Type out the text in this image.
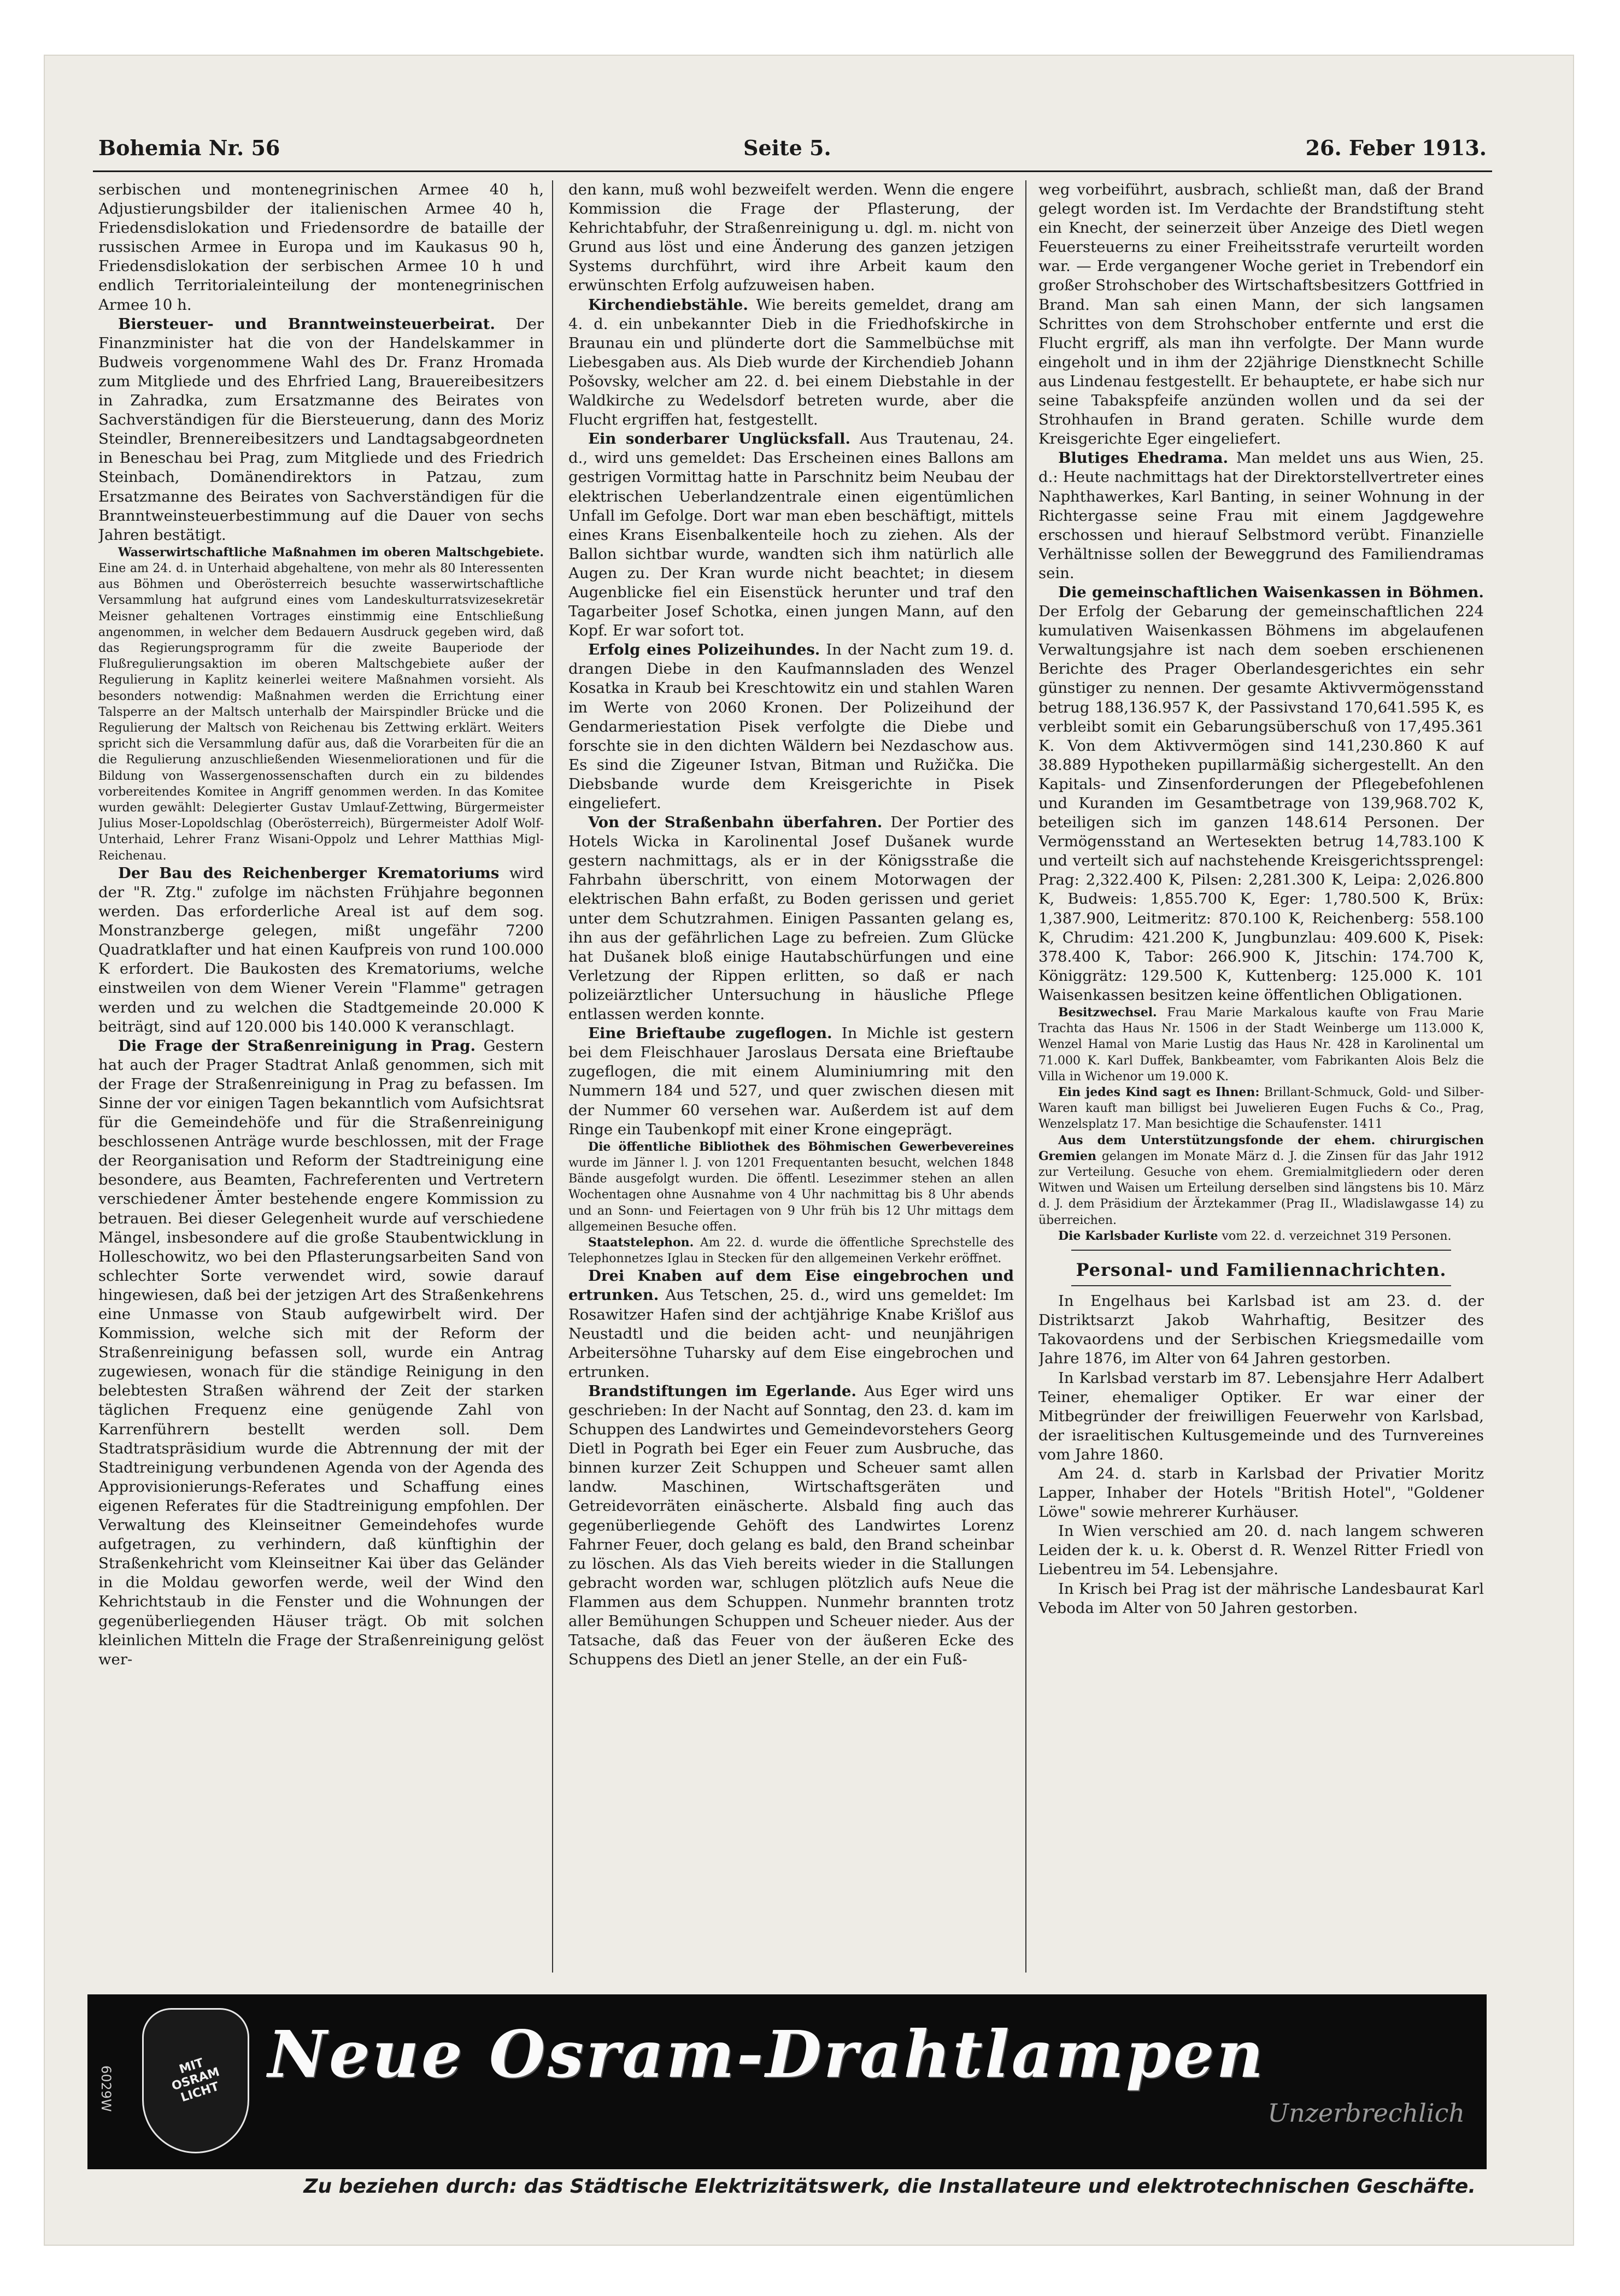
Bohemia Nr. 56	Seite 5.	26. Feber 1913.

serbischen und montenegrinischen Armee 40 h, Adjustierungsbilder der italienischen Armee 40 h, Friedensdislokation und Friedensordre de bataille der russischen Armee in Europa und im Kaukasus 90 h, Friedensdislokation der serbischen Armee 10 h und endlich Territorialeinteilung der montenegrinischen Armee 10 h.

Biersteuer- und Branntweinsteuerbeirat. Der Finanzminister hat die von der Handelskammer in Budweis vorgenommene Wahl des Dr. Franz Hromada zum Mitgliede und des Ehrfried Lang, Brauereibesitzers in Zahradka, zum Ersatzmanne des Beirates von Sachverständigen für die Biersteuerung, dann des Moriz Steindler, Brennereibesitzers und Landtagsabgeordneten in Beneschau bei Prag, zum Mitgliede und des Friedrich Steinbach, Domänendirektors in Patzau, zum Ersatzmanne des Beirates von Sachverständigen für die Branntweinsteuerbestimmung auf die Dauer von sechs Jahren bestätigt.

Wasserwirtschaftliche Maßnahmen im oberen Maltschgebiete. Eine am 24. d. in Unterhaid abgehaltene, von mehr als 80 Interessenten aus Böhmen und Oberösterreich besuchte wasserwirtschaftliche Versammlung hat aufgrund eines vom Landeskulturratsvizesekretär Meisner gehaltenen Vortrages einstimmig eine Entschließung angenommen, in welcher dem Bedauern Ausdruck gegeben wird, daß das Regierungsprogramm für die zweite Bauperiode der Flußregulierungsaktion im oberen Maltschgebiete außer der Regulierung in Kaplitz keinerlei weitere Maßnahmen vorsieht. Als besonders notwendig: Maßnahmen werden die Errichtung einer Talsperre an der Maltsch unterhalb der Mairspindler Brücke und die Regulierung der Maltsch von Reichenau bis Zettwing erklärt. Weiters spricht sich die Versammlung dafür aus, daß die Vorarbeiten für die an die Regulierung anzuschließenden Wiesenmeliorationen und für die Bildung von Wassergenossenschaften durch ein zu bildendes vorbereitendes Komitee in Angriff genommen werden. In das Komitee wurden gewählt: Delegierter Gustav Umlauf-Zettwing, Bürgermeister Julius Moser-Lopoldschlag (Oberösterreich), Bürgermeister Adolf Wolf-Unterhaid, Lehrer Franz Wisani-Oppolz und Lehrer Matthias Migl-Reichenau.

Der Bau des Reichenberger Krematoriums wird der "R. Ztg." zufolge im nächsten Frühjahre begonnen werden. Das erforderliche Areal ist auf dem sog. Monstranzberge gelegen, mißt ungefähr 7200 Quadratklafter und hat einen Kaufpreis von rund 100.000 K erfordert. Die Baukosten des Krematoriums, welche einstweilen von dem Wiener Verein "Flamme" getragen werden und zu welchen die Stadtgemeinde 20.000 K beiträgt, sind auf 120.000 bis 140.000 K veranschlagt.

Die Frage der Straßenreinigung in Prag. Gestern hat auch der Prager Stadtrat Anlaß genommen, sich mit der Frage der Straßenreinigung in Prag zu befassen. Im Sinne der vor einigen Tagen bekanntlich vom Aufsichtsrat für die Gemeindehöfe und für die Straßenreinigung beschlossenen Anträge wurde beschlossen, mit der Frage der Reorganisation und Reform der Stadtreinigung eine besondere, aus Beamten, Fachreferenten und Vertretern verschiedener Ämter bestehende engere Kommission zu betrauen. Bei dieser Gelegenheit wurde auf verschiedene Mängel, insbesondere auf die große Staubentwicklung in Holleschowitz, wo bei den Pflasterungsarbeiten Sand von schlechter Sorte verwendet wird, sowie darauf hingewiesen, daß bei der jetzigen Art des Straßenkehrens eine Unmasse von Staub aufgewirbelt wird. Der Kommission, welche sich mit der Reform der Straßenreinigung befassen soll, wurde ein Antrag zugewiesen, wonach für die ständige Reinigung in den belebtesten Straßen während der Zeit der starken täglichen Frequenz eine genügende Zahl von Karrenführern bestellt werden soll. Dem Stadtratspräsidium wurde die Abtrennung der mit der Stadtreinigung verbundenen Agenda von der Agenda des Approvisionierungs-Referates und Schaffung eines eigenen Referates für die Stadtreinigung empfohlen. Der Verwaltung des Kleinseitner Gemeindehofes wurde aufgetragen, zu verhindern, daß künftighin der Straßenkehricht vom Kleinseitner Kai über das Geländer in die Moldau geworfen werde, weil der Wind den Kehrichtstaub in die Fenster und die Wohnungen der gegenüberliegenden Häuser trägt. Ob mit solchen kleinlichen Mitteln die Frage der Straßenreinigung gelöst wer-

den kann, muß wohl bezweifelt werden. Wenn die engere Kommission die Frage der Pflasterung, der Kehrichtabfuhr, der Straßenreinigung u. dgl. m. nicht von Grund aus löst und eine Änderung des ganzen jetzigen Systems durchführt, wird ihre Arbeit kaum den erwünschten Erfolg aufzuweisen haben.

Kirchendiebstähle. Wie bereits gemeldet, drang am 4. d. ein unbekannter Dieb in die Friedhofskirche in Braunau ein und plünderte dort die Sammelbüchse mit Liebesgaben aus. Als Dieb wurde der Kirchendieb Johann Pošovsky, welcher am 22. d. bei einem Diebstahle in der Waldkirche zu Wedelsdorf betreten wurde, aber die Flucht ergriffen hat, festgestellt.

Ein sonderbarer Unglücksfall. Aus Trautenau, 24. d., wird uns gemeldet: Das Erscheinen eines Ballons am gestrigen Vormittag hatte in Parschnitz beim Neubau der elektrischen Ueberlandzentrale einen eigentümlichen Unfall im Gefolge. Dort war man eben beschäftigt, mittels eines Krans Eisenbalkenteile hoch zu ziehen. Als der Ballon sichtbar wurde, wandten sich ihm natürlich alle Augen zu. Der Kran wurde nicht beachtet; in diesem Augenblicke fiel ein Eisenstück herunter und traf den Tagarbeiter Josef Schotka, einen jungen Mann, auf den Kopf. Er war sofort tot.

Erfolg eines Polizeihundes. In der Nacht zum 19. d. drangen Diebe in den Kaufmannsladen des Wenzel Kosatka in Kraub bei Kreschtowitz ein und stahlen Waren im Werte von 2060 Kronen. Der Polizeihund der Gendarmeriestation Pisek verfolgte die Diebe und forschte sie in den dichten Wäldern bei Nezdaschow aus. Es sind die Zigeuner Istvan, Bitman und Ružička. Die Diebsbande wurde dem Kreisgerichte in Pisek eingeliefert.

Von der Straßenbahn überfahren. Der Portier des Hotels Wicka in Karolinental Josef Dušanek wurde gestern nachmittags, als er in der Königsstraße die Fahrbahn überschritt, von einem Motorwagen der elektrischen Bahn erfaßt, zu Boden gerissen und geriet unter dem Schutzrahmen. Einigen Passanten gelang es, ihn aus der gefährlichen Lage zu befreien. Zum Glücke hat Dušanek bloß einige Hautabschürfungen und eine Verletzung der Rippen erlitten, so daß er nach polizeiärztlicher Untersuchung in häusliche Pflege entlassen werden konnte.

Eine Brieftaube zugeflogen. In Michle ist gestern bei dem Fleischhauer Jaroslaus Dersata eine Brieftaube zugeflogen, die mit einem Aluminiumring mit den Nummern 184 und 527, und quer zwischen diesen mit der Nummer 60 versehen war. Außerdem ist auf dem Ringe ein Taubenkopf mit einer Krone eingeprägt.

Die öffentliche Bibliothek des Böhmischen Gewerbevereines wurde im Jänner l. J. von 1201 Frequentanten besucht, welchen 1848 Bände ausgefolgt wurden. Die öffentl. Lesezimmer stehen an allen Wochentagen ohne Ausnahme von 4 Uhr nachmittag bis 8 Uhr abends und an Sonn- und Feiertagen von 9 Uhr früh bis 12 Uhr mittags dem allgemeinen Besuche offen.

Staatstelephon. Am 22. d. wurde die öffentliche Sprechstelle des Telephonnetzes Iglau in Stecken für den allgemeinen Verkehr eröffnet.

Drei Knaben auf dem Eise eingebrochen und ertrunken. Aus Tetschen, 25. d., wird uns gemeldet: Im Rosawitzer Hafen sind der achtjährige Knabe Krišlof aus Neustadtl und die beiden acht- und neunjährigen Arbeitersöhne Tuharsky auf dem Eise eingebrochen und ertrunken.

Brandstiftungen im Egerlande. Aus Eger wird uns geschrieben: In der Nacht auf Sonntag, den 23. d. kam im Schuppen des Landwirtes und Gemeindevorstehers Georg Dietl in Pograth bei Eger ein Feuer zum Ausbruche, das binnen kurzer Zeit Schuppen und Scheuer samt allen landw. Maschinen, Wirtschaftsgeräten und Getreidevorräten einäscherte. Alsbald fing auch das gegenüberliegende Gehöft des Landwirtes Lorenz Fahrner Feuer, doch gelang es bald, den Brand scheinbar zu löschen. Als das Vieh bereits wieder in die Stallungen gebracht worden war, schlugen plötzlich aufs Neue die Flammen aus dem Schuppen. Nunmehr brannten trotz aller Bemühungen Schuppen und Scheuer nieder. Aus der Tatsache, daß das Feuer von der äußeren Ecke des Schuppens des Dietl an jener Stelle, an der ein Fuß-

weg vorbeiführt, ausbrach, schließt man, daß der Brand gelegt worden ist. Im Verdachte der Brandstiftung steht ein Knecht, der seinerzeit über Anzeige des Dietl wegen Feuersteuerns zu einer Freiheitsstrafe verurteilt worden war. — Erde vergangener Woche geriet in Trebendorf ein großer Strohschober des Wirtschaftsbesitzers Gottfried in Brand. Man sah einen Mann, der sich langsamen Schrittes von dem Strohschober entfernte und erst die Flucht ergriff, als man ihn verfolgte. Der Mann wurde eingeholt und in ihm der 22jährige Dienstknecht Schille aus Lindenau festgestellt. Er behauptete, er habe sich nur seine Tabakspfeife anzünden wollen und da sei der Strohhaufen in Brand geraten. Schille wurde dem Kreisgerichte Eger eingeliefert.

Blutiges Ehedrama. Man meldet uns aus Wien, 25. d.: Heute nachmittags hat der Direktorstellvertreter eines Naphthawerkes, Karl Banting, in seiner Wohnung in der Richtergasse seine Frau mit einem Jagdgewehre erschossen und hierauf Selbstmord verübt. Finanzielle Verhältnisse sollen der Beweggrund des Familiendramas sein.

Die gemeinschaftlichen Waisenkassen in Böhmen. Der Erfolg der Gebarung der gemeinschaftlichen 224 kumulativen Waisenkassen Böhmens im abgelaufenen Verwaltungsjahre ist nach dem soeben erschienenen Berichte des Prager Oberlandesgerichtes ein sehr günstiger zu nennen. Der gesamte Aktivvermögensstand betrug 188,136.957 K, der Passivstand 170,641.595 K, es verbleibt somit ein Gebarungsüberschuß von 17,495.361 K. Von dem Aktivvermögen sind 141,230.860 K auf 38.889 Hypotheken pupillarmäßig sichergestellt. An den Kapitals- und Zinsenforderungen der Pflegebefohlenen und Kuranden im Gesamtbetrage von 139,968.702 K, beteiligen sich im ganzen 148.614 Personen. Der Vermögensstand an Wertesekten betrug 14,783.100 K und verteilt sich auf nachstehende Kreisgerichtssprengel: Prag: 2,322.400 K, Pilsen: 2,281.300 K, Leipa: 2,026.800 K, Budweis: 1,855.700 K, Eger: 1,780.500 K, Brüx: 1,387.900, Leitmeritz: 870.100 K, Reichenberg: 558.100 K, Chrudim: 421.200 K, Jungbunzlau: 409.600 K, Pisek: 378.400 K, Tabor: 266.900 K, Jitschin: 174.700 K, Königgrätz: 129.500 K, Kuttenberg: 125.000 K. 101 Waisenkassen besitzen keine öffentlichen Obligationen.

Besitzwechsel. Frau Marie Markalous kaufte von Frau Marie Trachta das Haus Nr. 1506 in der Stadt Weinberge um 113.000 K, Wenzel Hamal von Marie Lustig das Haus Nr. 428 in Karolinental um 71.000 K. Karl Duffek, Bankbeamter, vom Fabrikanten Alois Belz die Villa in Wichenor um 19.000 K.

Ein jedes Kind sagt es Ihnen: Brillant-Schmuck, Gold- und Silber-Waren kauft man billigst bei Juwelieren Eugen Fuchs & Co., Prag, Wenzelsplatz 17. Man besichtige die Schaufenster. 1411

Aus dem Unterstützungsfonde der ehem. chirurgischen Gremien gelangen im Monate März d. J. die Zinsen für das Jahr 1912 zur Verteilung. Gesuche von ehem. Gremialmitgliedern oder deren Witwen und Waisen um Erteilung derselben sind längstens bis 10. März d. J. dem Präsidium der Ärztekammer (Prag II., Wladislawgasse 14) zu überreichen.

Die Karlsbader Kurliste vom 22. d. verzeichnet 319 Personen.

Personal- und Familiennachrichten.

In Engelhaus bei Karlsbad ist am 23. d. der Distriktsarzt Jakob Wahrhaftig, Besitzer des Takovaordens und der Serbischen Kriegsmedaille vom Jahre 1876, im Alter von 64 Jahren gestorben.

In Karlsbad verstarb im 87. Lebensjahre Herr Adalbert Teiner, ehemaliger Optiker. Er war einer der Mitbegründer der freiwilligen Feuerwehr von Karlsbad, der israelitischen Kultusgemeinde und des Turnvereines vom Jahre 1860.

Am 24. d. starb in Karlsbad der Privatier Moritz Lapper, Inhaber der Hotels "British Hotel", "Goldener Löwe" sowie mehrerer Kurhäuser.

In Wien verschied am 20. d. nach langem schweren Leiden der k. u. k. Oberst d. R. Wenzel Ritter Friedl von Liebentreu im 54. Lebensjahre.

In Krisch bei Prag ist der mährische Landesbaurat Karl Veboda im Alter von 50 Jahren gestorben.

6029W	MIT OSRAM LICHT
Neue Osram-Drahtlampen
Unzerbrechlich
Zu beziehen durch: das Städtische Elektrizitätswerk, die Installateure und elektrotechnischen Geschäfte.
